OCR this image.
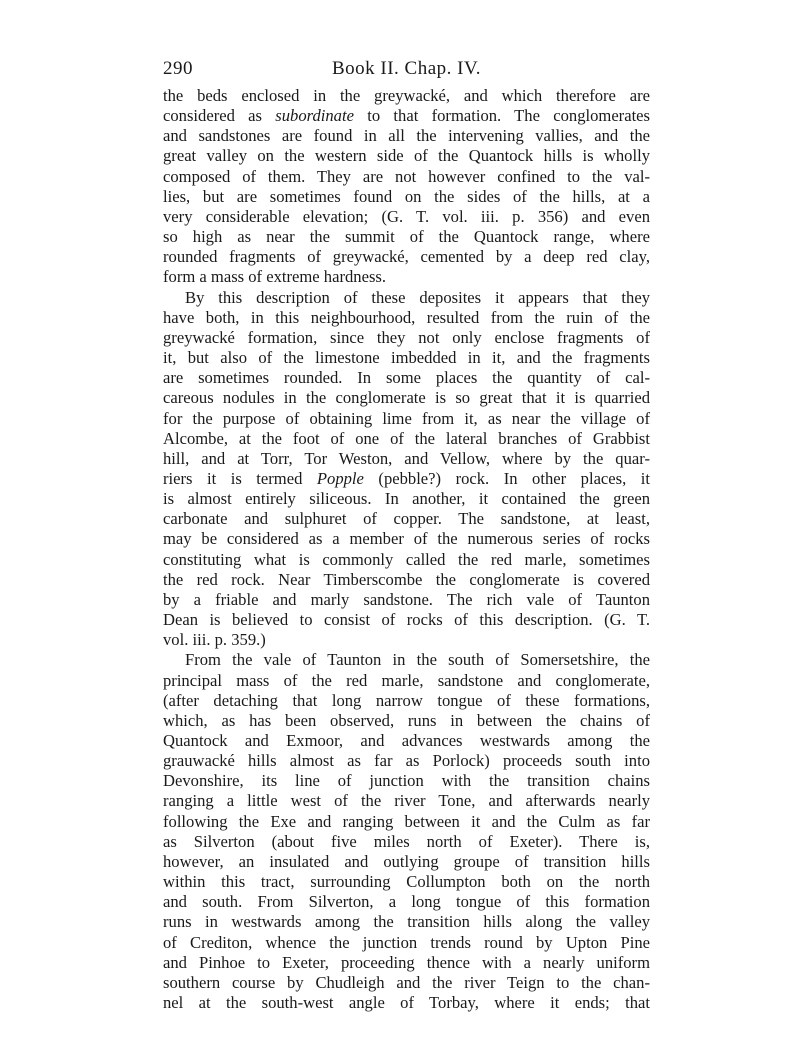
290	Book II. Chap. IV.
the beds enclosed in the greywacké, and which therefore are
considered as subordinate to that formation. The conglomerates
and sandstones are found in all the intervening vallies, and the
great valley on the western side of the Quantock hills is wholly
composed of them. They are not however confined to the val-
lies, but are sometimes found on the sides of the hills, at a
very considerable elevation; (G. T. vol. iii. p. 356) and even
so high as near the summit of the Quantock range, where
rounded fragments of greywacké, cemented by a deep red clay,
form a mass of extreme hardness.
By this description of these deposites it appears that they
have both, in this neighbourhood, resulted from the ruin of the
greywacké formation, since they not only enclose fragments of
it, but also of the limestone imbedded in it, and the fragments
are sometimes rounded. In some places the quantity of cal-
careous nodules in the conglomerate is so great that it is quarried
for the purpose of obtaining lime from it, as near the village of
Alcombe, at the foot of one of the lateral branches of Grabbist
hill, and at Torr, Tor Weston, and Vellow, where by the quar-
riers it is termed Popple (pebble?) rock. In other places, it
is almost entirely siliceous. In another, it contained the green
carbonate and sulphuret of copper. The sandstone, at least,
may be considered as a member of the numerous series of rocks
constituting what is commonly called the red marle, sometimes
the red rock. Near Timberscombe the conglomerate is covered
by a friable and marly sandstone. The rich vale of Taunton
Dean is believed to consist of rocks of this description. (G. T.
vol. iii. p. 359.)
From the vale of Taunton in the south of Somersetshire, the
principal mass of the red marle, sandstone and conglomerate,
(after detaching that long narrow tongue of these formations,
which, as has been observed, runs in between the chains of
Quantock and Exmoor, and advances westwards among the
grauwacké hills almost as far as Porlock) proceeds south into
Devonshire, its line of junction with the transition chains
ranging a little west of the river Tone, and afterwards nearly
following the Exe and ranging between it and the Culm as far
as Silverton (about five miles north of Exeter). There is,
however, an insulated and outlying groupe of transition hills
within this tract, surrounding Collumpton both on the north
and south. From Silverton, a long tongue of this formation
runs in westwards among the transition hills along the valley
of Crediton, whence the junction trends round by Upton Pine
and Pinhoe to Exeter, proceeding thence with a nearly uniform
southern course by Chudleigh and the river Teign to the chan-
nel at the south-west angle of Torbay, where it ends; that
